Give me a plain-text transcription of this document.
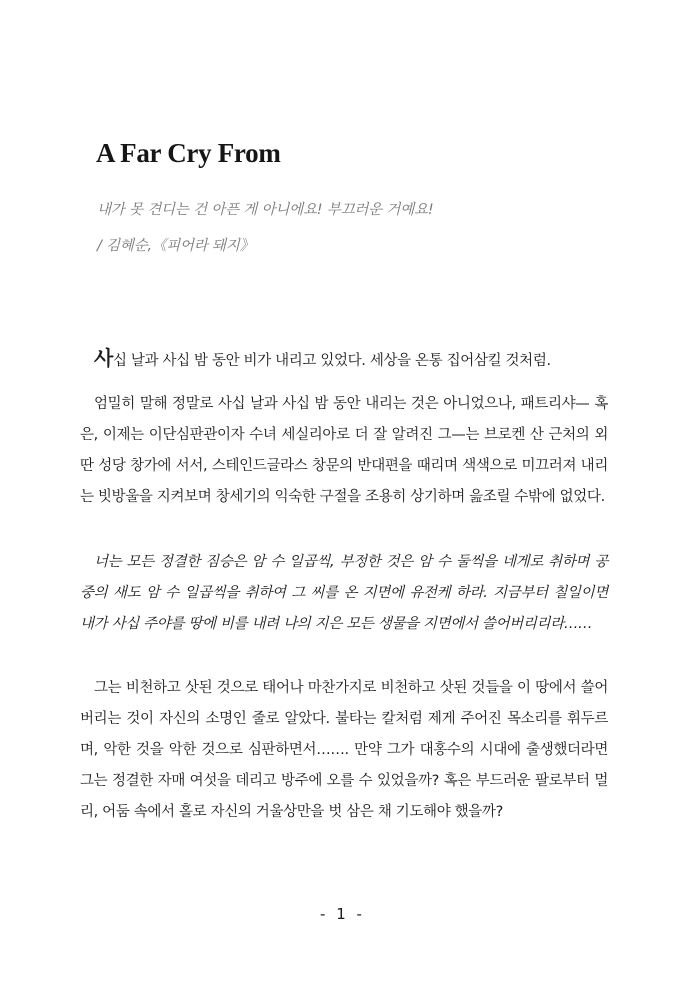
A Far Cry From

내가 못 견디는 건 아픈 게 아니에요! 부끄러운 거예요!

/ 김혜순,《피어라 돼지》

사십 날과 사십 밤 동안 비가 내리고 있었다. 세상을 온통 집어삼킬 것처럼.

엄밀히 말해 정말로 사십 날과 사십 밤 동안 내리는 것은 아니었으나, 패트리샤— 혹은, 이제는 이단심판관이자 수녀 세실리아로 더 잘 알려진 그—는 브로켄 산 근처의 외딴 성당 창가에 서서, 스테인드글라스 창문의 반대편을 때리며 색색으로 미끄러져 내리는 빗방울을 지켜보며 창세기의 익숙한 구절을 조용히 상기하며 읊조릴 수밖에 없었다.

너는 모든 정결한 짐승은 암 수 일곱씩, 부정한 것은 암 수 둘씩을 네게로 취하며 공중의 새도 암 수 일곱씩을 취하여 그 씨를 온 지면에 유전케 하라. 지금부터 칠일이면 내가 사십 주야를 땅에 비를 내려 나의 지은 모든 생물을 지면에서 쓸어버리리라……

그는 비천하고 삿된 것으로 태어나 마찬가지로 비천하고 삿된 것들을 이 땅에서 쓸어버리는 것이 자신의 소명인 줄로 알았다. 불타는 칼처럼 제게 주어진 목소리를 휘두르며, 악한 것을 악한 것으로 심판하면서……. 만약 그가 대홍수의 시대에 출생했더라면 그는 정결한 자매 여섯을 데리고 방주에 오를 수 있었을까? 혹은 부드러운 팔로부터 멀리, 어둠 속에서 홀로 자신의 거울상만을 벗 삼은 채 기도해야 했을까?

- 1 -
